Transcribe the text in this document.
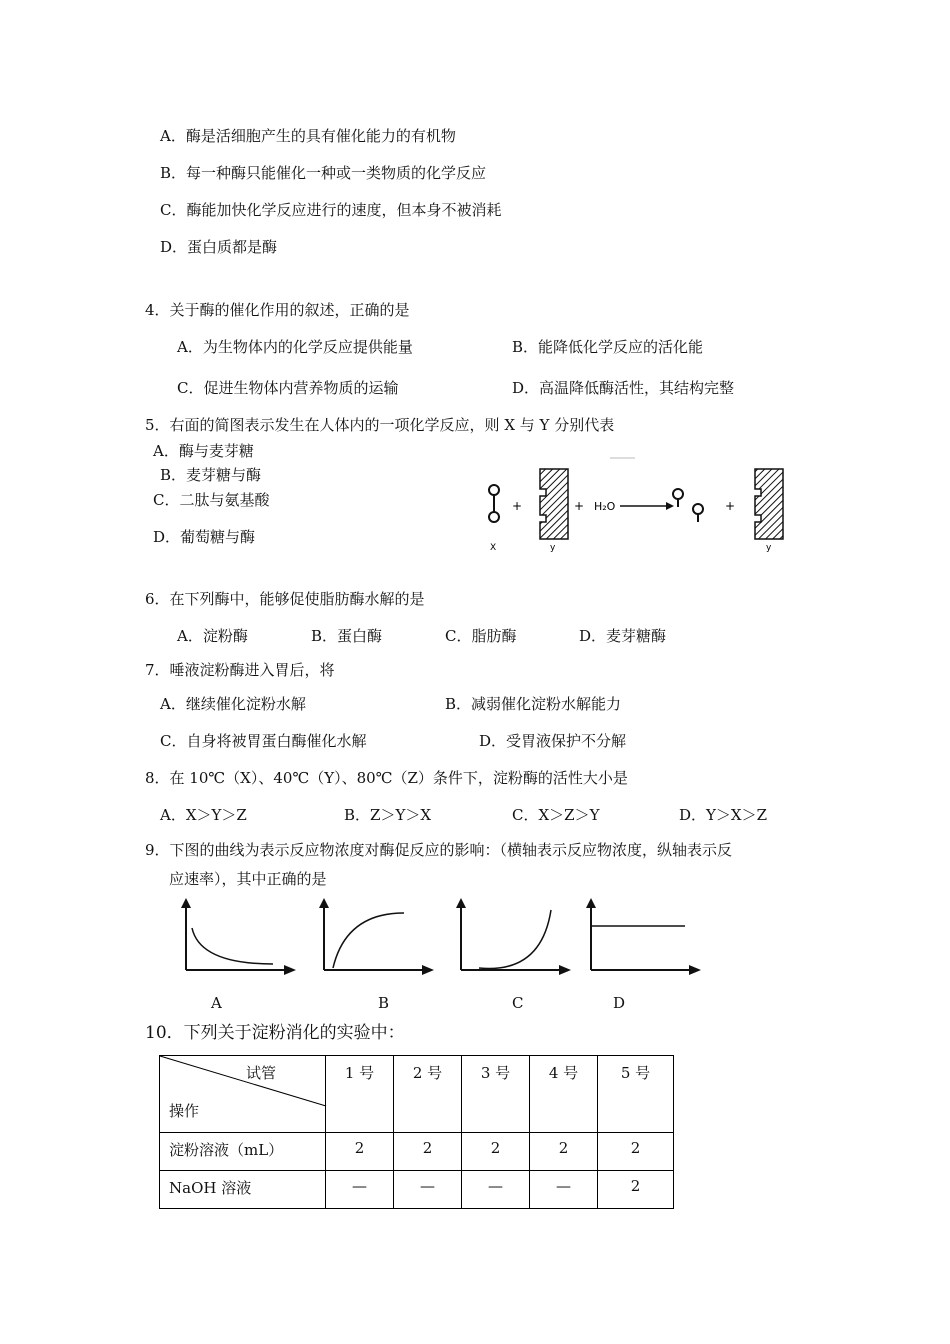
A．酶是活细胞产生的具有催化能力的有机物
B．每一种酶只能催化一种或一类物质的化学反应
C．酶能加快化学反应进行的速度，但本身不被消耗
D．蛋白质都是酶
4．关于酶的催化作用的叙述，正确的是
A．为生物体内的化学反应提供能量	B．能降低化学反应的活化能
C．促进生物体内营养物质的运输	D．高温降低酶活性，其结构完整
5．右面的简图表示发生在人体内的一项化学反应，则 X 与 Y 分别代表
A．酶与麦芽糖
B．麦芽糖与酶
C．二肽与氨基酸
D．葡萄糖与酶
+	+ H₂O	+
X	y	y
6．在下列酶中，能够促使脂肪酶水解的是
A．淀粉酶	B．蛋白酶	C．脂肪酶	D．麦芽糖酶
7．唾液淀粉酶进入胃后，将
A．继续催化淀粉水解	B．减弱催化淀粉水解能力
C．自身将被胃蛋白酶催化水解	D．受胃液保护不分解
8．在 10℃（X）、40℃（Y）、80℃（Z）条件下，淀粉酶的活性大小是
A．X＞Y＞Z	B．Z＞Y＞X	C．X＞Z＞Y	D．Y＞X＞Z
9．下图的曲线为表示反应物浓度对酶促反应的影响：（横轴表示反应物浓度，纵轴表示反
应速率），其中正确的是
A	B	C	D
10．下列关于淀粉消化的实验中：
试管
操作	1 号	2 号	3 号	4 号	5 号
淀粉溶液（mL）	2	2	2	2	2
NaOH 溶液	—	—	—	—	2
